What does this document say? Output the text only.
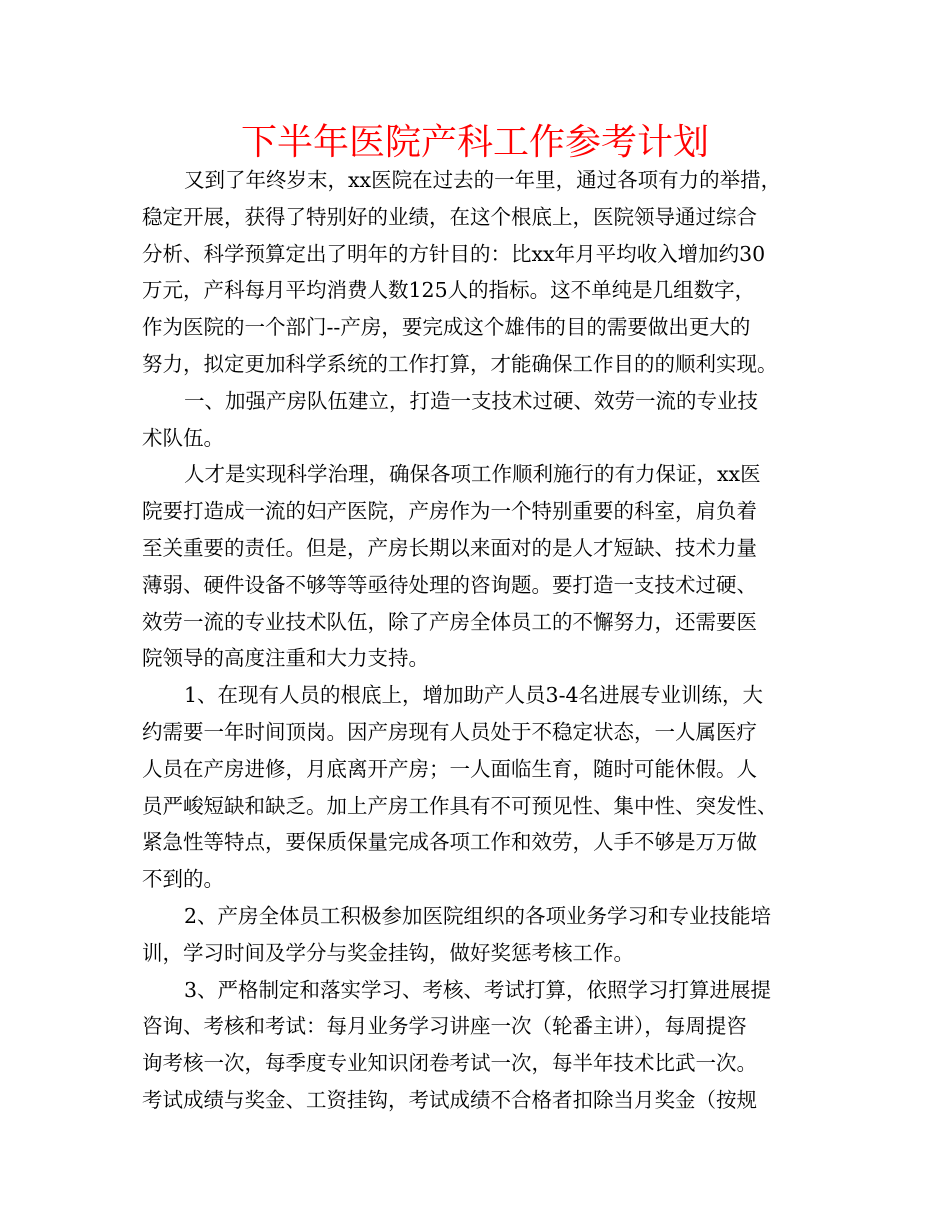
下半年医院产科工作参考计划
又到了年终岁末，xx医院在过去的一年里，通过各项有力的举措，
稳定开展，获得了特别好的业绩，在这个根底上，医院领导通过综合
分析、科学预算定出了明年的方针目的：比xx年月平均收入增加约30
万元，产科每月平均消费人数125人的指标。这不单纯是几组数字，
作为医院的一个部门--产房，要完成这个雄伟的目的需要做出更大的
努力，拟定更加科学系统的工作打算，才能确保工作目的的顺利实现。
一、加强产房队伍建立，打造一支技术过硬、效劳一流的专业技
术队伍。
人才是实现科学治理，确保各项工作顺利施行的有力保证，xx医
院要打造成一流的妇产医院，产房作为一个特别重要的科室，肩负着
至关重要的责任。但是，产房长期以来面对的是人才短缺、技术力量
薄弱、硬件设备不够等等亟待处理的咨询题。要打造一支技术过硬、
效劳一流的专业技术队伍，除了产房全体员工的不懈努力，还需要医
院领导的高度注重和大力支持。
1、在现有人员的根底上，增加助产人员3-4名进展专业训练，大
约需要一年时间顶岗。因产房现有人员处于不稳定状态，一人属医疗
人员在产房进修，月底离开产房；一人面临生育，随时可能休假。人
员严峻短缺和缺乏。加上产房工作具有不可预见性、集中性、突发性、
紧急性等特点，要保质保量完成各项工作和效劳，人手不够是万万做
不到的。
2、产房全体员工积极参加医院组织的各项业务学习和专业技能培
训，学习时间及学分与奖金挂钩，做好奖惩考核工作。
3、严格制定和落实学习、考核、考试打算，依照学习打算进展提
咨询、考核和考试：每月业务学习讲座一次（轮番主讲），每周提咨
询考核一次，每季度专业知识闭卷考试一次，每半年技术比武一次。
考试成绩与奖金、工资挂钩，考试成绩不合格者扣除当月奖金（按规
